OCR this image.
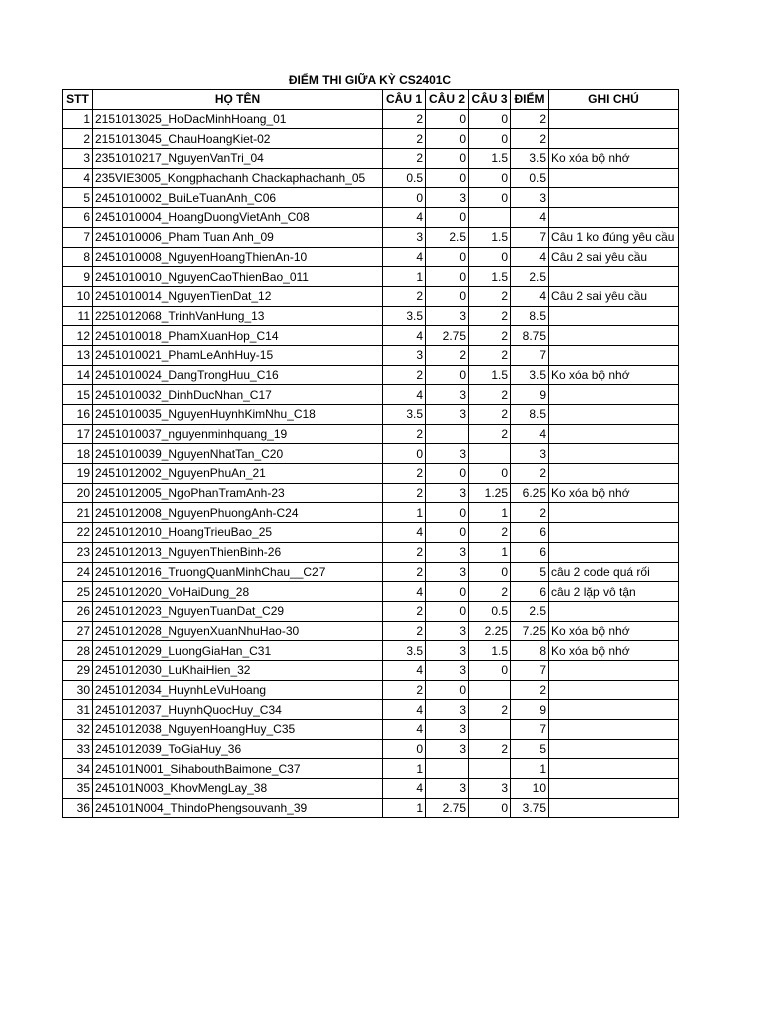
ĐIỂM THI GIỮA KỲ CS2401C
STT	HỌ TÊN	CÂU 1	CÂU 2	CÂU 3	ĐIỂM	GHI CHÚ
1	2151013025_HoDacMinhHoang_01	2	0	0	2	
2	2151013045_ChauHoangKiet-02	2	0	0	2	
3	2351010217_NguyenVanTri_04	2	0	1.5	3.5	Ko xóa bộ nhớ
4	235VIE3005_Kongphachanh Chackaphachanh_05	0.5	0	0	0.5	
5	2451010002_BuiLeTuanAnh_C06	0	3	0	3	
6	2451010004_HoangDuongVietAnh_C08	4	0		4	
7	2451010006_Pham Tuan Anh_09	3	2.5	1.5	7	Câu 1 ko đúng yêu cầu
8	2451010008_NguyenHoangThienAn-10	4	0	0	4	Câu 2 sai yêu cầu
9	2451010010_NguyenCaoThienBao_011	1	0	1.5	2.5	
10	2451010014_NguyenTienDat_12	2	0	2	4	Câu 2 sai yêu cầu
11	2251012068_TrinhVanHung_13	3.5	3	2	8.5	
12	2451010018_PhamXuanHop_C14	4	2.75	2	8.75	
13	2451010021_PhamLeAnhHuy-15	3	2	2	7	
14	2451010024_DangTrongHuu_C16	2	0	1.5	3.5	Ko xóa bộ nhớ
15	2451010032_DinhDucNhan_C17	4	3	2	9	
16	2451010035_NguyenHuynhKimNhu_C18	3.5	3	2	8.5	
17	2451010037_nguyenminhquang_19	2		2	4	
18	2451010039_NguyenNhatTan_C20	0	3		3	
19	2451012002_NguyenPhuAn_21	2	0	0	2	
20	2451012005_NgoPhanTramAnh-23	2	3	1.25	6.25	Ko xóa bộ nhớ
21	2451012008_NguyenPhuongAnh-C24	1	0	1	2	
22	2451012010_HoangTrieuBao_25	4	0	2	6	
23	2451012013_NguyenThienBinh-26	2	3	1	6	
24	2451012016_TruongQuanMinhChau__C27	2	3	0	5	câu 2 code quá rối
25	2451012020_VoHaiDung_28	4	0	2	6	câu 2 lặp vô tận
26	2451012023_NguyenTuanDat_C29	2	0	0.5	2.5	
27	2451012028_NguyenXuanNhuHao-30	2	3	2.25	7.25	Ko xóa bộ nhớ
28	2451012029_LuongGiaHan_C31	3.5	3	1.5	8	Ko xóa bộ nhớ
29	2451012030_LuKhaiHien_32	4	3	0	7	
30	2451012034_HuynhLeVuHoang	2	0		2	
31	2451012037_HuynhQuocHuy_C34	4	3	2	9	
32	2451012038_NguyenHoangHuy_C35	4	3		7	
33	2451012039_ToGiaHuy_36	0	3	2	5	
34	245101N001_SihabouthBaimone_C37	1			1	
35	245101N003_KhovMengLay_38	4	3	3	10	
36	245101N004_ThindoPhengsouvanh_39	1	2.75	0	3.75	
